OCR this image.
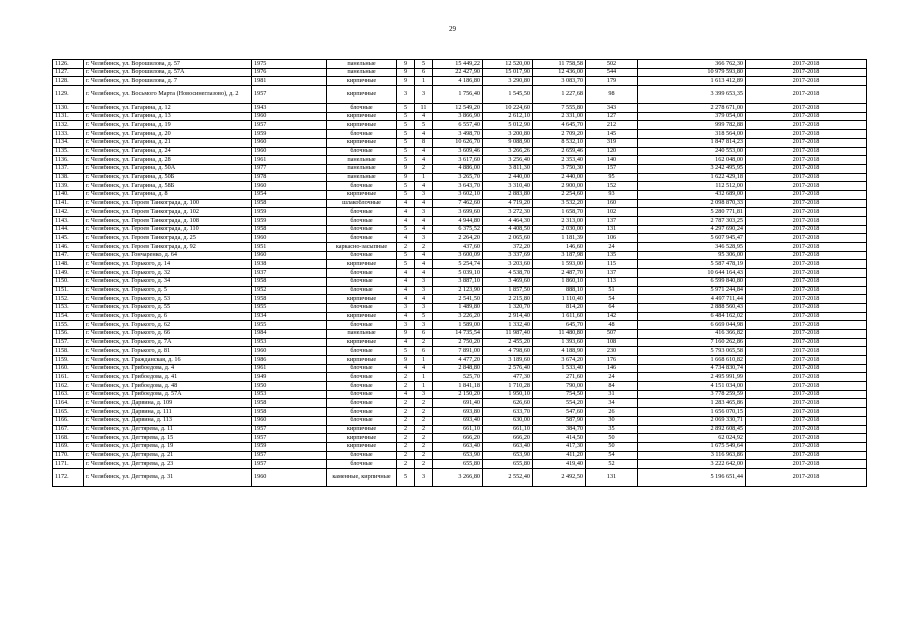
29
1126.	г. Челябинск, ул. Ворошилова, д. 57	1975	панельные	9	5	15 449,22	12 520,00	11 758,58	502	366 762,30	2017-2018
1127.	г. Челябинск, ул. Ворошилова, д. 57А	1976	панельные	9	6	22 427,90	15 017,90	12 436,00	544	10 979 593,80	2017-2018
1128.	г. Челябинск, ул. Ворошилова, д. 7	1981	кирпичные	9	1	4 186,80	3 290,80	3 083,70	179	1 613 412,89	2017-2018
1129.	г. Челябинск, ул. Восьмого Марта (Новосинеглазово), д. 2	1957	кирпичные	3	3	1 756,40	1 545,50	1 227,68	98	3 399 653,35	2017-2018
1130.	г. Челябинск, ул. Гагарина, д. 12	1943	блочные	5	11	12 549,20	10 224,60	7 555,80	343	2 278 671,00	2017-2018
1131.	г. Челябинск, ул. Гагарина, д. 13	1960	кирпичные	5	4	3 866,90	2 612,10	2 331,00	127	379 054,00	2017-2018
1132.	г. Челябинск, ул. Гагарина, д. 19	1957	кирпичные	5	5	6 557,40	5 012,90	4 645,70	212	999 782,88	2017-2018
1133.	г. Челябинск, ул. Гагарина, д. 20	1959	блочные	5	4	3 498,70	3 200,80	2 709,20	145	318 564,00	2017-2018
1134.	г. Челябинск, ул. Гагарина, д. 21	1960	кирпичные	5	8	10 626,70	9 088,90	8 532,10	319	1 847 814,23	2017-2018
1135.	г. Челябинск, ул. Гагарина, д. 24	1960	блочные	5	4	3 609,46	3 266,26	2 659,46	120	240 553,00	2017-2018
1136.	г. Челябинск, ул. Гагарина, д. 28	1961	панельные	5	4	3 617,60	3 256,40	2 353,40	140	162 048,00	2017-2018
1137.	г. Челябинск, ул. Гагарина, д. 50А	1977	панельные	9	2	4 886,00	3 811,30	3 750,30	157	3 242 495,95	2017-2018
1138.	г. Челябинск, ул. Гагарина, д. 50Б	1978	панельные	9	1	3 265,70	2 440,00	2 440,00	95	1 622 429,18	2017-2018
1139.	г. Челябинск, ул. Гагарина, д. 58Б	1960	блочные	5	4	3 643,70	3 310,40	2 900,00	152	112 512,00	2017-2018
1140.	г. Челябинск, ул. Гагарина, д. 8	1954	кирпичные	5	3	3 602,10	2 883,80	2 254,60	93	432 689,00	2017-2018
1141.	г. Челябинск, ул. Героев Танкограда, д. 100	1958	шлакоблочные	4	4	7 462,60	4 719,20	3 532,20	160	2 098 870,33	2017-2018
1142.	г. Челябинск, ул. Героев Танкограда, д. 102	1959	блочные	4	3	3 699,60	3 272,30	1 658,70	102	5 280 771,81	2017-2018
1143.	г. Челябинск, ул. Героев Танкограда, д. 108	1959	блочные	4	4	4 944,80	4 464,30	2 313,00	137	2 787 303,25	2017-2018
1144.	г. Челябинск, ул. Героев Танкограда, д. 110	1958	блочные	5	4	6 375,52	4 408,50	2 030,00	131	4 297 690,24	2017-2018
1145.	г. Челябинск, ул. Героев Танкограда, д. 25	1960	блочные	4	3	2 264,20	2 065,60	1 181,39	106	5 607 945,47	2017-2018
1146.	г. Челябинск, ул. Героев Танкограда, д. 92	1951	каркасно-засыпные	2	2	437,60	372,20	146,60	24	346 528,95	2017-2018
1147.	г. Челябинск, ул. Гончаренко, д. 64	1960	блочные	5	4	3 600,09	3 337,69	3 187,98	135	95 306,00	2017-2018
1148.	г. Челябинск, ул. Горького, д. 14	1938	кирпичные	5	4	5 254,74	3 203,60	1 593,00	115	5 587 478,19	2017-2018
1149.	г. Челябинск, ул. Горького, д. 32	1937	блочные	4	4	5 039,10	4 538,70	2 487,70	137	10 644 164,43	2017-2018
1150.	г. Челябинск, ул. Горького, д. 34	1958	блочные	4	3	3 887,10	3 469,60	1 860,10	113	6 599 840,80	2017-2018
1151.	г. Челябинск, ул. Горького, д. 5	1952	блочные	4	3	2 123,90	1 857,50	888,10	51	5 971 244,84	2017-2018
1152.	г. Челябинск, ул. Горького, д. 53	1958	кирпичные	4	4	2 541,50	2 215,80	1 110,40	54	4 497 711,44	2017-2018
1153.	г. Челябинск, ул. Горького, д. 55	1955	блочные	3	3	1 489,80	1 320,70	814,20	64	2 888 560,43	2017-2018
1154.	г. Челябинск, ул. Горького, д. 6	1934	кирпичные	4	5	3 226,20	2 914,40	1 611,60	142	6 484 162,02	2017-2018
1155.	г. Челябинск, ул. Горького, д. 62	1955	блочные	3	3	1 589,00	1 332,40	645,70	48	6 669 044,98	2017-2018
1156.	г. Челябинск, ул. Горького, д. 66	1984	панельные	9	6	14 735,54	11 987,40	11 480,80	507	416 366,82	2017-2018
1157.	г. Челябинск, ул. Горького, д. 7А	1953	кирпичные	4	2	2 750,20	2 455,20	1 393,60	108	7 160 262,86	2017-2018
1158.	г. Челябинск, ул. Горького, д. 81	1960	блочные	5	6	7 891,00	4 798,60	4 188,90	230	5 793 065,58	2017-2018
1159.	г. Челябинск, ул. Гражданская, д. 16	1986	кирпичные	9	1	4 477,20	3 189,60	3 674,20	176	1 668 610,82	2017-2018
1160.	г. Челябинск, ул. Грибоедова, д. 4	1961	блочные	4	4	2 848,80	2 576,40	1 533,40	146	4 734 830,74	2017-2018
1161.	г. Челябинск, ул. Грибоедова, д. 41	1949	блочные	2	1	525,70	477,30	271,60	24	2 495 991,99	2017-2018
1162.	г. Челябинск, ул. Грибоедова, д. 48	1950	блочные	2	1	1 841,18	1 710,28	790,00	84	4 151 034,00	2017-2018
1163.	г. Челябинск, ул. Грибоедова, д. 57А	1953	блочные	4	3	2 150,20	1 950,10	754,50	31	3 778 259,59	2017-2018
1164.	г. Челябинск, ул. Дарвина, д. 109	1958	блочные	2	2	691,40	626,60	554,20	34	1 283 465,86	2017-2018
1165.	г. Челябинск, ул. Дарвина, д. 111	1958	блочные	2	2	693,80	633,70	547,60	26	1 656 070,15	2017-2018
1166.	г. Челябинск, ул. Дарвина, д. 113	1960	блочные	2	2	693,40	630,00	587,90	30	2 069 330,71	2017-2018
1167.	г. Челябинск, ул. Дегтярева, д. 11	1957	кирпичные	2	2	661,10	661,10	384,70	35	2 892 608,45	2017-2018
1168.	г. Челябинск, ул. Дегтярева, д. 15	1957	кирпичные	2	2	666,20	666,20	414,50	50	62 024,92	2017-2018
1169.	г. Челябинск, ул. Дегтярева, д. 19	1959	кирпичные	2	2	663,40	663,40	417,30	50	1 675 549,64	2017-2018
1170.	г. Челябинск, ул. Дегтярева, д. 21	1957	блочные	2	2	653,90	653,90	411,20	54	3 116 963,86	2017-2018
1171.	г. Челябинск, ул. Дегтярева, д. 23	1957	блочные	2	2	655,80	655,80	419,40	52	3 222 642,00	2017-2018
1172.	г. Челябинск, ул. Дегтярева, д. 31	1960	каменные, кирпичные	5	3	3 266,80	2 552,40	2 492,50	131	5 196 651,44	2017-2018
